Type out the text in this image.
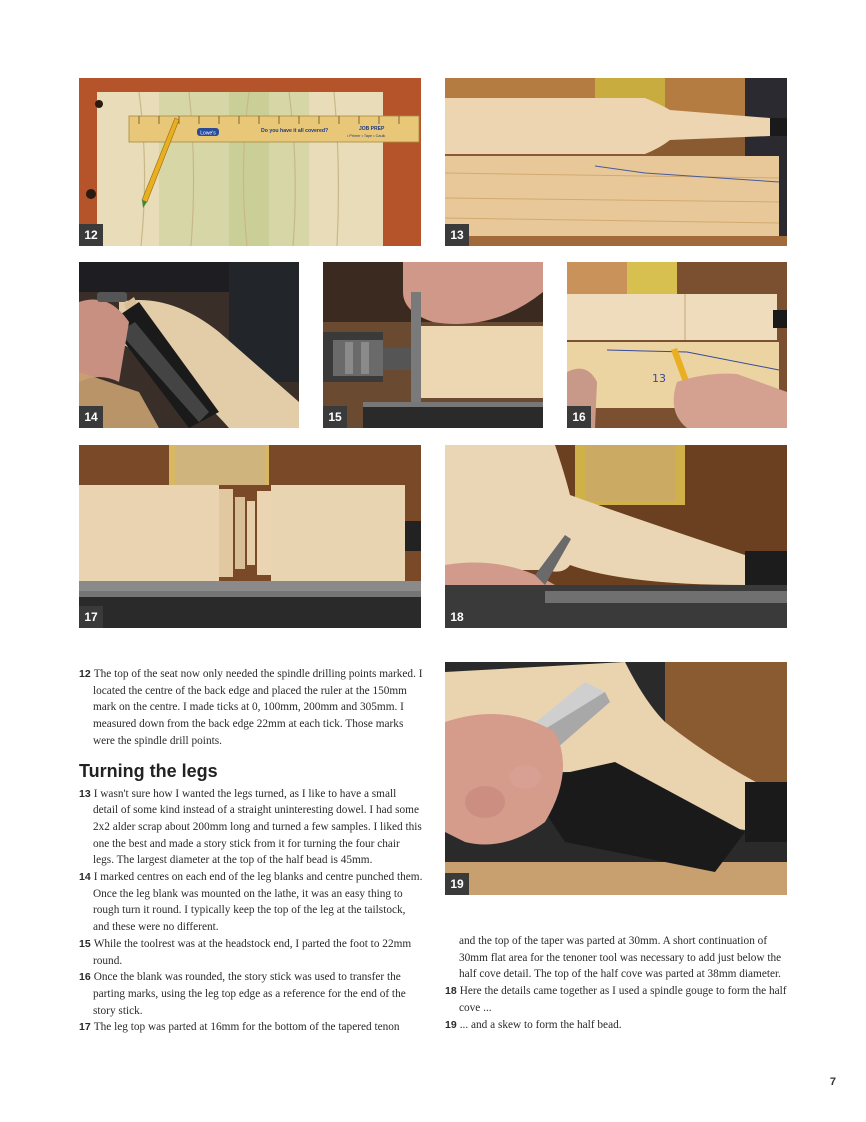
Lowe's	Do you have it all covered?	JOB PREP
• Primer • Tape • Caulk
12	13
14	15
13
16
17	18
19

12 The top of the seat now only needed the spindle drilling points marked. I located the centre of the back edge and placed the ruler at the 150mm mark on the centre. I made ticks at 0, 100mm, 200mm and 305mm. I measured down from the back edge 22mm at each tick. Those marks were the spindle drill points.

Turning the legs

13 I wasn't sure how I wanted the legs turned, as I like to have a small detail of some kind instead of a straight uninteresting dowel. I had some 2x2 alder scrap about 200mm long and turned a few samples. I liked this one the best and made a story stick from it for turning the four chair legs. The largest diameter at the top of the half bead is 45mm.

14 I marked centres on each end of the leg blanks and centre punched them. Once the leg blank was mounted on the lathe, it was an easy thing to rough turn it round. I typically keep the top of the leg at the tailstock, and these were no different.

15 While the toolrest was at the headstock end, I parted the foot to 22mm round.

16 Once the blank was rounded, the story stick was used to transfer the parting marks, using the leg top edge as a reference for the end of the story stick.

17 The leg top was parted at 16mm for the bottom of the tapered tenon

and the top of the taper was parted at 30mm. A short continuation of 30mm flat area for the tenoner tool was necessary to add just below the half cove detail. The top of the half cove was parted at 38mm diameter.

18 Here the details came together as I used a spindle gouge to form the half cove ...

19 ... and a skew to form the half bead.

7
